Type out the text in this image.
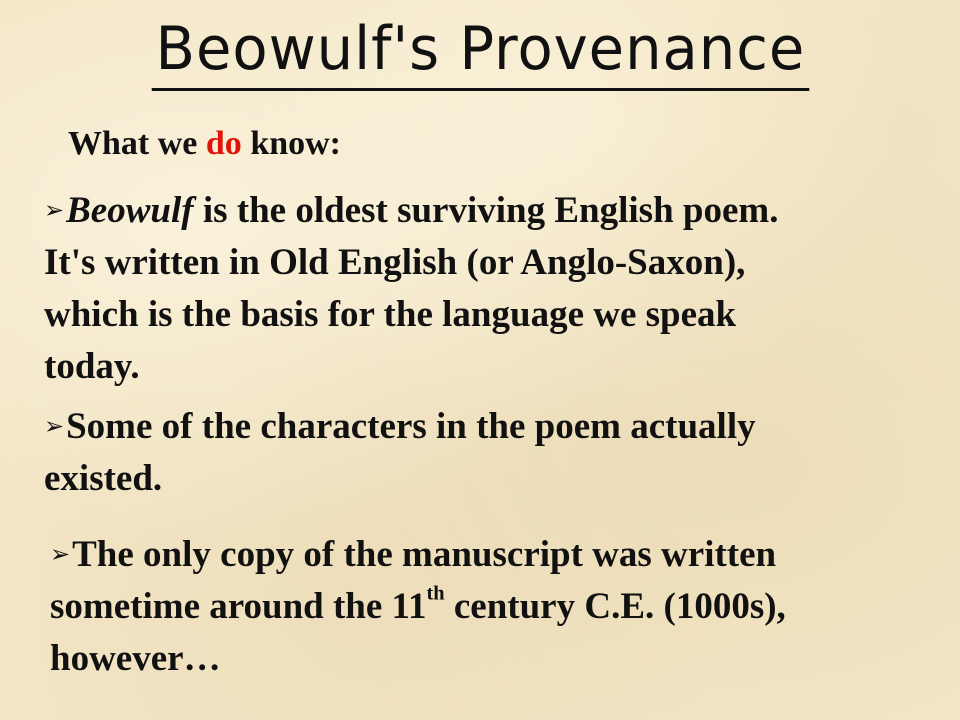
Beowulf's Provenance
What we do know:
➢Beowulf is the oldest surviving English poem.
It's written in Old English (or Anglo-Saxon),
which is the basis for the language we speak
today.
➢Some of the characters in the poem actually
existed.
➢The only copy of the manuscript was written
sometime around the 11th century C.E. (1000s),
however…
